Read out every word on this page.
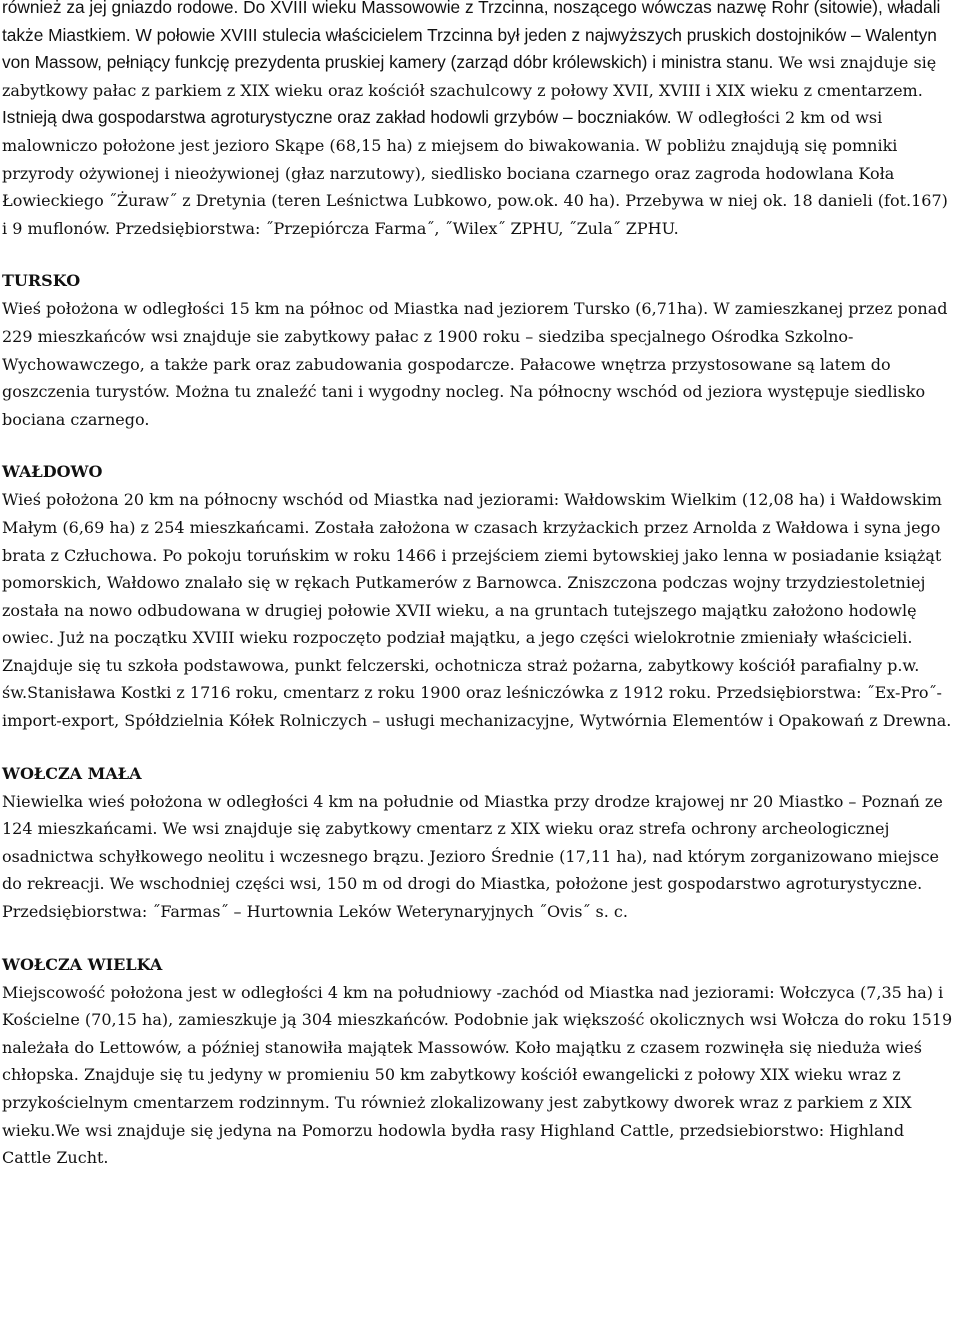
również za jej gniazdo rodowe. Do XVIII wieku Massowowie z Trzcinna, noszącego wówczas nazwę Rohr (sitowie), władali także Miastkiem. W połowie XVIII stulecia właścicielem Trzcinna był jeden z najwyższych pruskich dostojników – Walentyn von Massow, pełniący funkcję prezydenta pruskiej kamery (zarząd dóbr królewskich) i ministra stanu. We wsi znajduje się zabytkowy pałac z parkiem z XIX wieku oraz kościół szachulcowy z połowy XVII, XVIII i XIX wieku z cmentarzem. Istnieją dwa gospodarstwa agroturystyczne oraz zakład hodowli grzybów – boczniaków. W odległości 2 km od wsi malowniczo położone jest jezioro Skąpe (68,15 ha) z miejsem do biwakowania. W pobliżu znajdują się pomniki przyrody ożywionej i nieożywionej (głaz narzutowy), siedlisko bociana czarnego oraz zagroda hodowlana Koła Łowieckiego ˝Żuraw˝ z Dretynia (teren Leśnictwa Lubkowo, pow.ok. 40 ha). Przebywa w niej ok. 18 danieli (fot.167) i 9 muflonów. Przedsiębiorstwa: ˝Przepiórcza Farma˝, ˝Wilex˝ ZPHU, ˝Zula˝ ZPHU.

TURSKO

Wieś położona w odległości 15 km na północ od Miastka nad jeziorem Tursko (6,71ha). W zamieszkanej przez ponad 229 mieszkańców wsi znajduje sie zabytkowy pałac z 1900 roku – siedziba specjalnego Ośrodka Szkolno-Wychowawczego, a także park oraz zabudowania gospodarcze. Pałacowe wnętrza przystosowane są latem do goszczenia turystów. Można tu znaleźć tani i wygodny nocleg. Na północny wschód od jeziora występuje siedlisko bociana czarnego.

WAŁDOWO

Wieś położona 20 km na północny wschód od Miastka nad jeziorami: Wałdowskim Wielkim (12,08 ha) i Wałdowskim Małym (6,69 ha) z 254 mieszkańcami. Została założona w czasach krzyżackich przez Arnolda z Wałdowa i syna jego brata z Człuchowa. Po pokoju toruńskim w roku 1466 i przejściem ziemi bytowskiej jako lenna w posiadanie książąt pomorskich, Wałdowo znalało się w rękach Putkamerów z Barnowca. Zniszczona podczas wojny trzydziestoletniej została na nowo odbudowana w drugiej połowie XVII wieku, a na gruntach tutejszego majątku założono hodowlę owiec. Już na początku XVIII wieku rozpoczęto podział majątku, a jego części wielokrotnie zmieniały właścicieli. Znajduje się tu szkoła podstawowa, punkt felczerski, ochotnicza straż pożarna, zabytkowy kościół parafialny p.w. św.Stanisława Kostki z 1716 roku, cmentarz z roku 1900 oraz leśniczówka z 1912 roku. Przedsiębiorstwa: ˝Ex-Pro˝- import-export, Spółdzielnia Kółek Rolniczych – usługi mechanizacyjne, Wytwórnia Elementów i Opakowań z Drewna.

WOŁCZA MAŁA

Niewielka wieś położona w odległości 4 km na południe od Miastka przy drodze krajowej nr 20 Miastko – Poznań ze 124 mieszkańcami. We wsi znajduje się zabytkowy cmentarz z XIX wieku oraz strefa ochrony archeologicznej osadnictwa schyłkowego neolitu i wczesnego brązu. Jezioro Średnie (17,11 ha), nad którym zorganizowano miejsce do rekreacji. We wschodniej części wsi, 150 m od drogi do Miastka, położone jest gospodarstwo agroturystyczne. Przedsiębiorstwa: ˝Farmas˝ – Hurtownia Leków Weterynaryjnych ˝Ovis˝ s. c.

WOŁCZA WIELKA

Miejscowość położona jest w odległości 4 km na południowy -zachód od Miastka nad jeziorami: Wołczyca (7,35 ha) i Kościelne (70,15 ha), zamieszkuje ją 304 mieszkańców. Podobnie jak większość okolicznych wsi Wołcza do roku 1519 należała do Lettowów, a później stanowiła majątek Massowów. Koło majątku z czasem rozwinęła się nieduża wieś chłopska. Znajduje się tu jedyny w promieniu 50 km zabytkowy kościół ewangelicki z połowy XIX wieku wraz z przykościelnym cmentarzem rodzinnym. Tu również zlokalizowany jest zabytkowy dworek wraz z parkiem z XIX wieku.We wsi znajduje się jedyna na Pomorzu hodowla bydła rasy Highland Cattle, przedsiebiorstwo: Highland Cattle Zucht.
